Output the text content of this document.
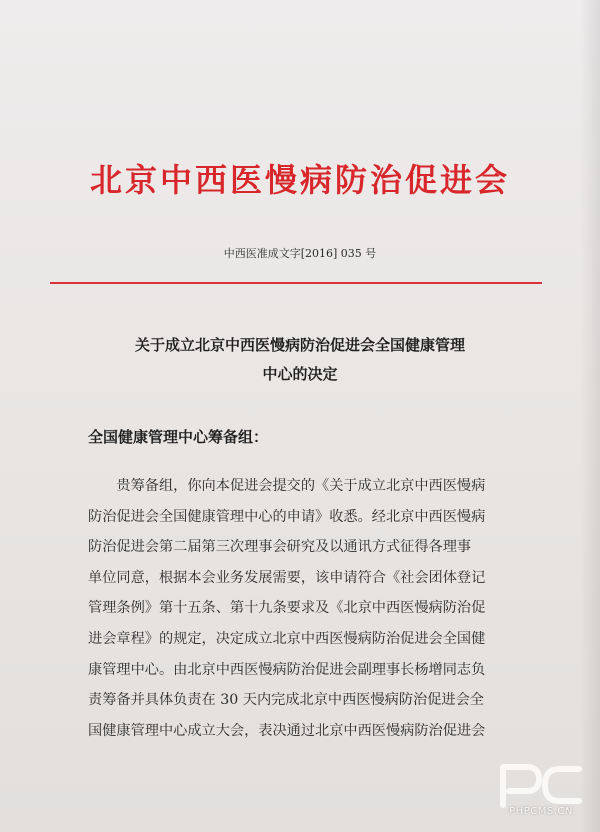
北京中西医慢病防治促进会
中西医准成文字[2016] 035 号
关于成立北京中西医慢病防治促进会全国健康管理
中心的决定
全国健康管理中心筹备组：
　　贵筹备组，你向本促进会提交的《关于成立北京中西医慢病
防治促进会全国健康管理中心的申请》收悉。经北京中西医慢病
防治促进会第二届第三次理事会研究及以通讯方式征得各理事
单位同意，根据本会业务发展需要，该申请符合《社会团体登记
管理条例》第十五条、第十九条要求及《北京中西医慢病防治促
进会章程》的规定，决定成立北京中西医慢病防治促进会全国健
康管理中心。由北京中西医慢病防治促进会副理事长杨增同志负
责筹备并具体负责在 30 天内完成北京中西医慢病防治促进会全
国健康管理中心成立大会，表决通过北京中西医慢病防治促进会
PHPCMS.CN
